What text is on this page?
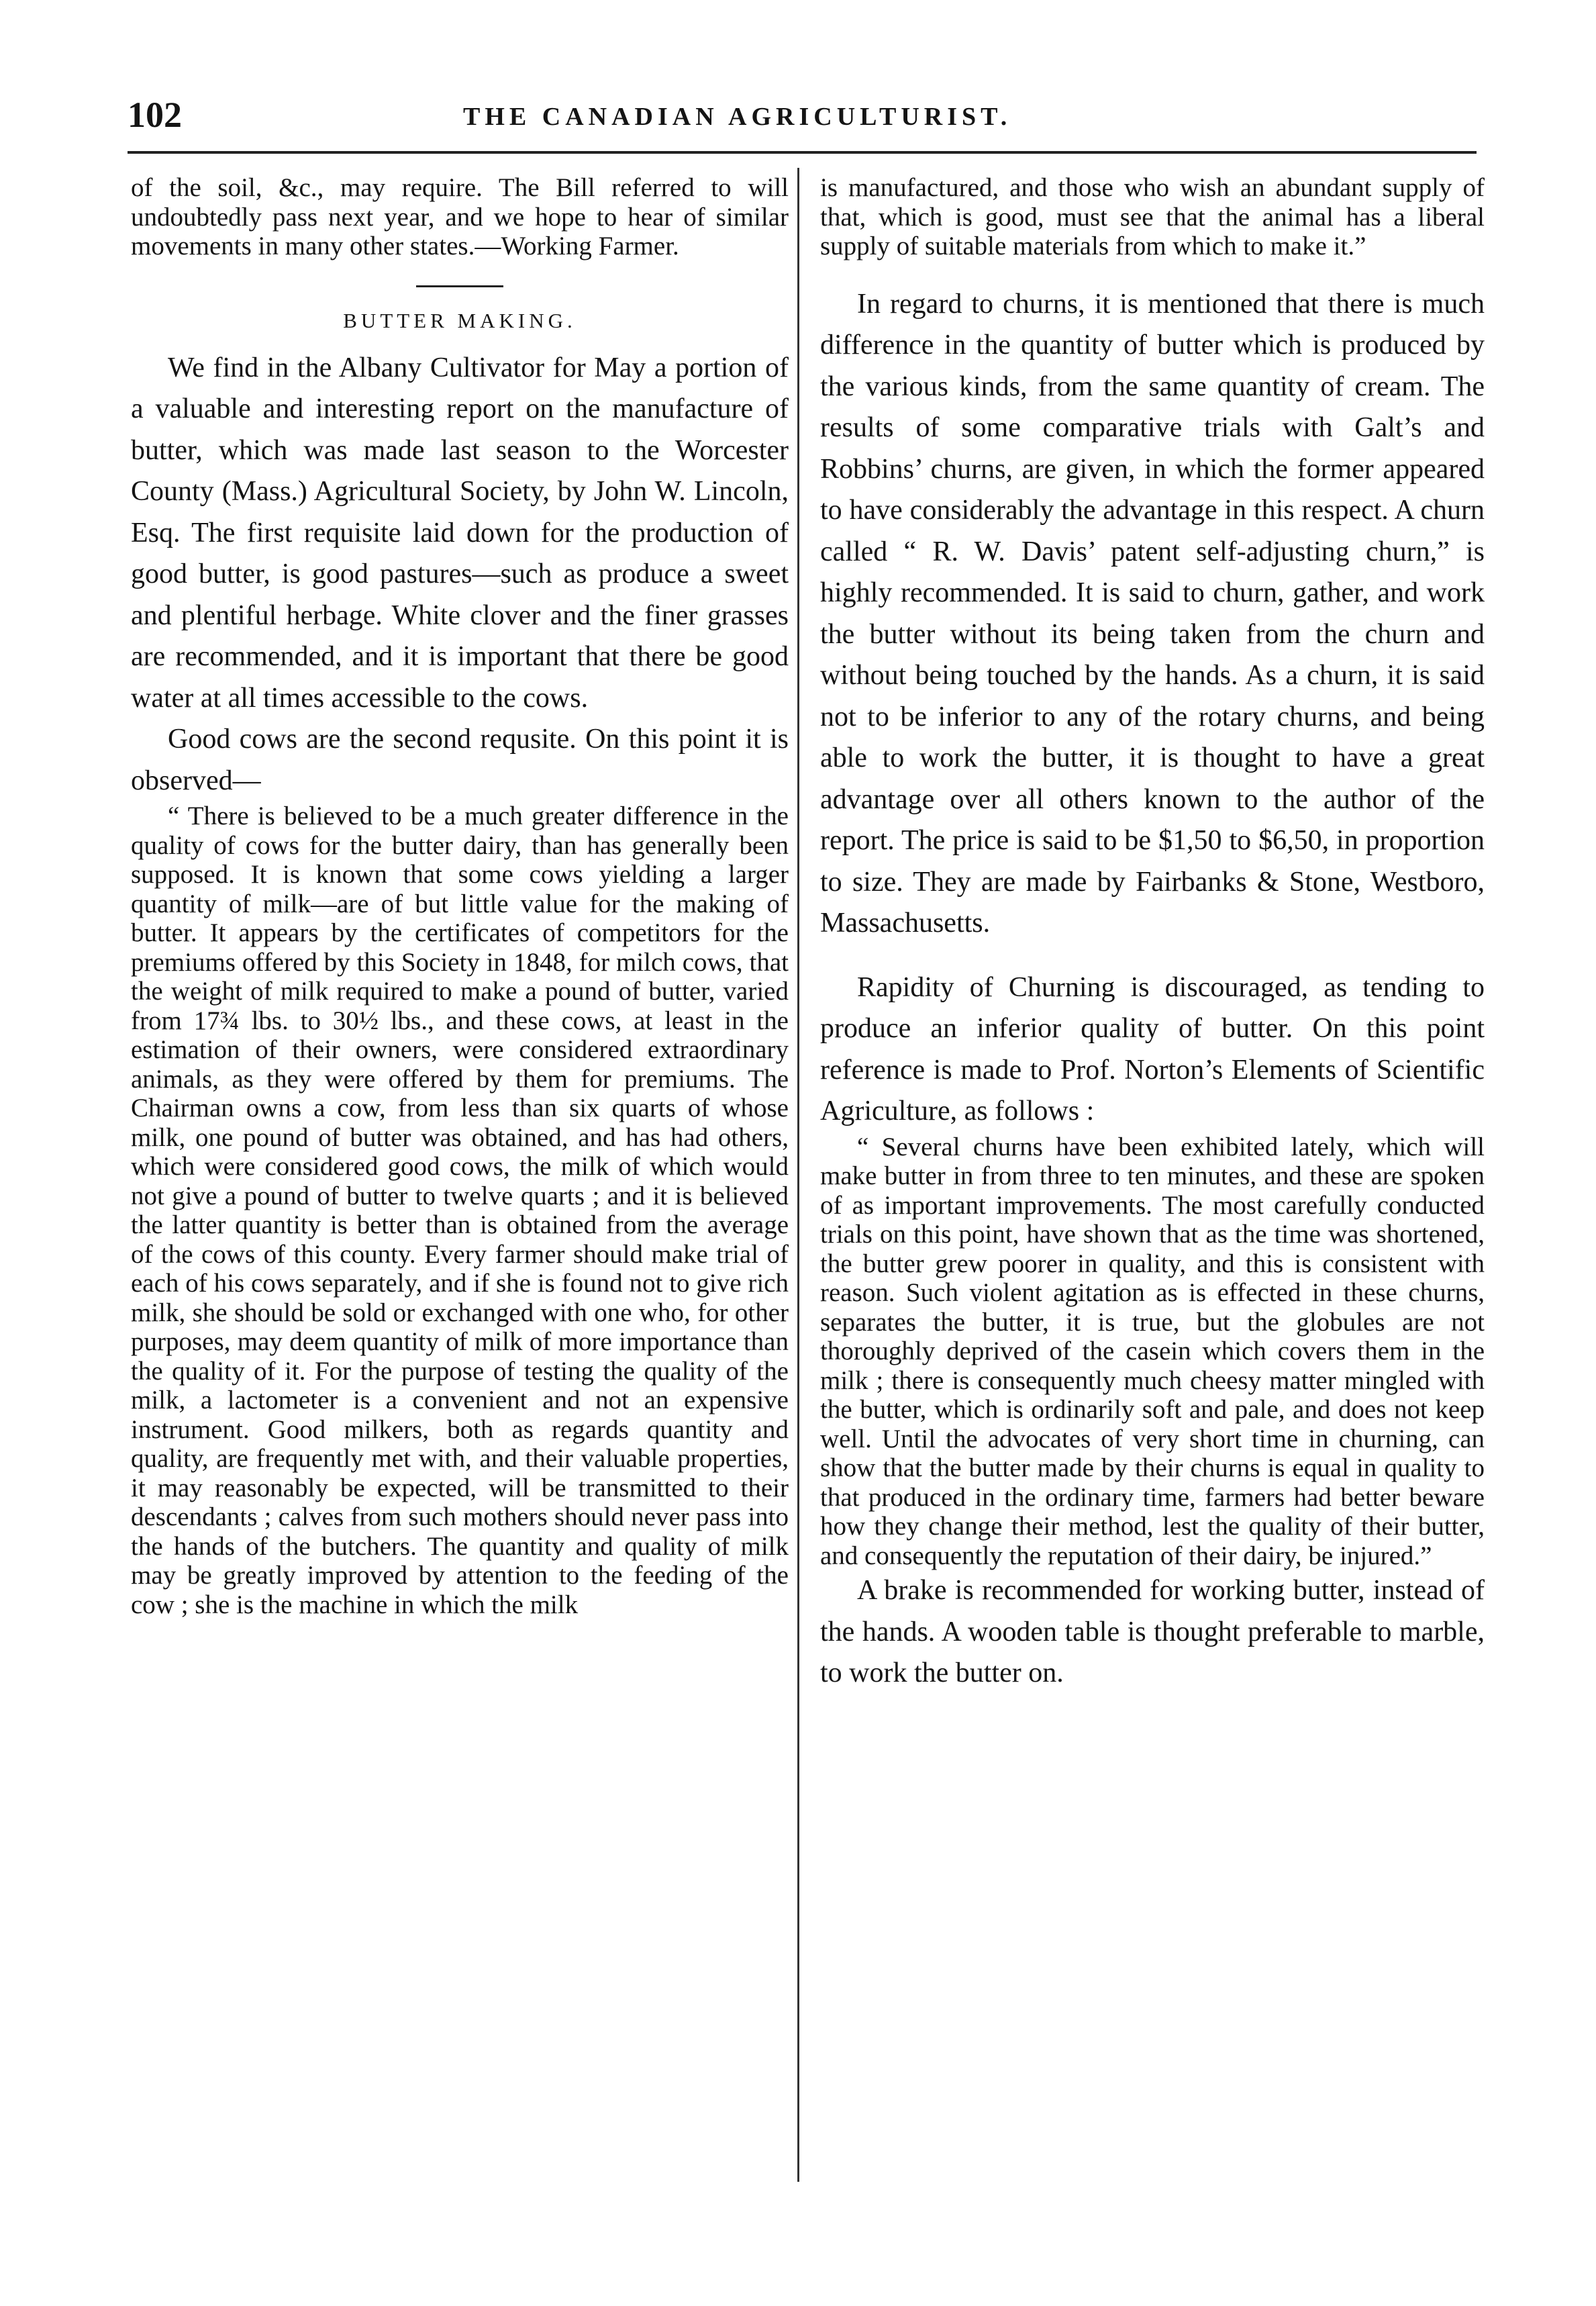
102	THE CANADIAN AGRICULTURIST.

of the soil, &c., may require. The Bill referred to will undoubtedly pass next year, and we hope to hear of similar movements in many other states.—Working Farmer.

BUTTER MAKING.

We find in the Albany Cultivator for May a portion of a valuable and interesting report on the manufacture of butter, which was made last season to the Worcester County (Mass.) Agricultural Society, by John W. Lincoln, Esq. The first requisite laid down for the production of good butter, is good pastures—such as produce a sweet and plentiful herbage. White clover and the finer grasses are recommended, and it is important that there be good water at all times accessible to the cows.

Good cows are the second requsite. On this point it is observed—

“ There is believed to be a much greater difference in the quality of cows for the butter dairy, than has generally been supposed. It is known that some cows yielding a larger quantity of milk—are of but little value for the making of butter. It appears by the certificates of competitors for the premiums offered by this Society in 1848, for milch cows, that the weight of milk required to make a pound of butter, varied from 17¾ lbs. to 30½ lbs., and these cows, at least in the estimation of their owners, were considered extraordinary animals, as they were offered by them for premiums. The Chairman owns a cow, from less than six quarts of whose milk, one pound of butter was obtained, and has had others, which were considered good cows, the milk of which would not give a pound of butter to twelve quarts ; and it is believed the latter quantity is better than is obtained from the average of the cows of this county. Every farmer should make trial of each of his cows separately, and if she is found not to give rich milk, she should be sold or exchanged with one who, for other purposes, may deem quantity of milk of more importance than the quality of it. For the purpose of testing the quality of the milk, a lactometer is a convenient and not an expensive instrument. Good milkers, both as regards quantity and quality, are frequently met with, and their valuable properties, it may reasonably be expected, will be transmitted to their descendants ; calves from such mothers should never pass into the hands of the butchers. The quantity and quality of milk may be greatly improved by attention to the feeding of the cow ; she is the machine in which the milk

is manufactured, and those who wish an abundant supply of that, which is good, must see that the animal has a liberal supply of suitable materials from which to make it.”

In regard to churns, it is mentioned that there is much difference in the quantity of butter which is produced by the various kinds, from the same quantity of cream. The results of some comparative trials with Galt’s and Robbins’ churns, are given, in which the former appeared to have considerably the advantage in this respect. A churn called “ R. W. Davis’ patent self-adjusting churn,” is highly recommended. It is said to churn, gather, and work the butter without its being taken from the churn and without being touched by the hands. As a churn, it is said not to be inferior to any of the rotary churns, and being able to work the butter, it is thought to have a great advantage over all others known to the author of the report. The price is said to be $1,50 to $6,50, in proportion to size. They are made by Fairbanks & Stone, Westboro, Massachusetts.

Rapidity of Churning is discouraged, as tending to produce an inferior quality of butter. On this point reference is made to Prof. Norton’s Elements of Scientific Agriculture, as follows :

“ Several churns have been exhibited lately, which will make butter in from three to ten minutes, and these are spoken of as important improvements. The most carefully conducted trials on this point, have shown that as the time was shortened, the butter grew poorer in quality, and this is consistent with reason. Such violent agitation as is effected in these churns, separates the butter, it is true, but the globules are not thoroughly deprived of the casein which covers them in the milk ; there is consequently much cheesy matter mingled with the butter, which is ordinarily soft and pale, and does not keep well. Until the advocates of very short time in churning, can show that the butter made by their churns is equal in quality to that produced in the ordinary time, farmers had better beware how they change their method, lest the quality of their butter, and consequently the reputation of their dairy, be injured.”

A brake is recommended for working butter, instead of the hands. A wooden table is thought preferable to marble, to work the butter on.
